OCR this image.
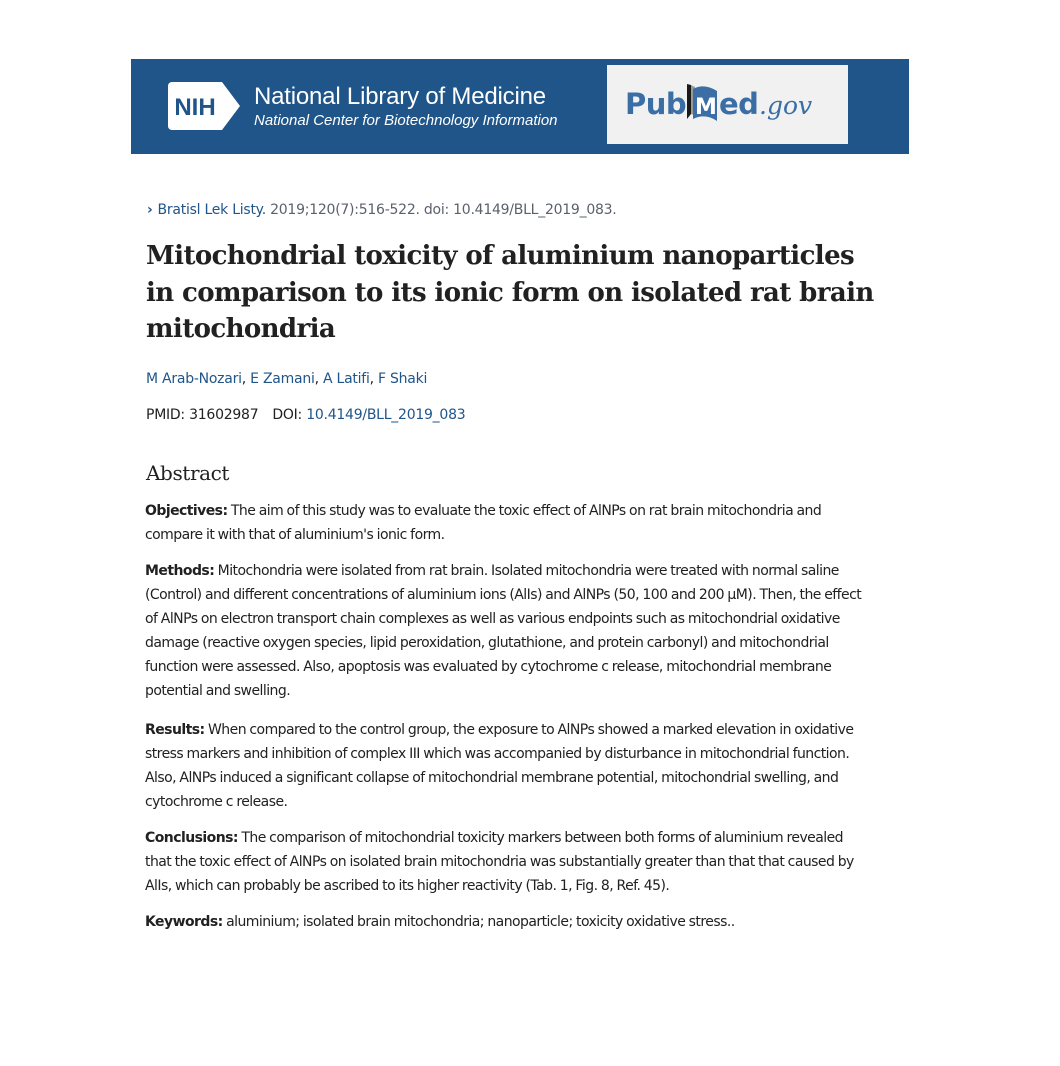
NIH National Library of Medicine
National Center for Biotechnology Information Pub M ed .gov
› Bratisl Lek Listy. 2019;120(7):516-522. doi: 10.4149/BLL_2019_083.
Mitochondrial toxicity of aluminium nanoparticles in comparison to its ionic form on isolated rat brain mitochondria
M Arab-Nozari, E Zamani, A Latifi, F Shaki
PMID: 31602987 DOI: 10.4149/BLL_2019_083
Abstract

Objectives: The aim of this study was to evaluate the toxic effect of AlNPs on rat brain mitochondria and compare it with that of aluminium's ionic form.

Methods: Mitochondria were isolated from rat brain. Isolated mitochondria were treated with normal saline (Control) and different concentrations of aluminium ions (AlIs) and AlNPs (50, 100 and 200 µM). Then, the effect of AlNPs on electron transport chain complexes as well as various endpoints such as mitochondrial oxidative damage (reactive oxygen species, lipid peroxidation, glutathione, and protein carbonyl) and mitochondrial function were assessed. Also, apoptosis was evaluated by cytochrome c release, mitochondrial membrane potential and swelling.

Results: When compared to the control group, the exposure to AlNPs showed a marked elevation in oxidative stress markers and inhibition of complex III which was accompanied by disturbance in mitochondrial function. Also, AlNPs induced a significant collapse of mitochondrial membrane potential, mitochondrial swelling, and cytochrome c release.

Conclusions: The comparison of mitochondrial toxicity markers between both forms of aluminium revealed that the toxic effect of AlNPs on isolated brain mitochondria was substantially greater than that that caused by AlIs, which can probably be ascribed to its higher reactivity (Tab. 1, Fig. 8, Ref. 45).

Keywords: aluminium; isolated brain mitochondria; nanoparticle; toxicity oxidative stress..
